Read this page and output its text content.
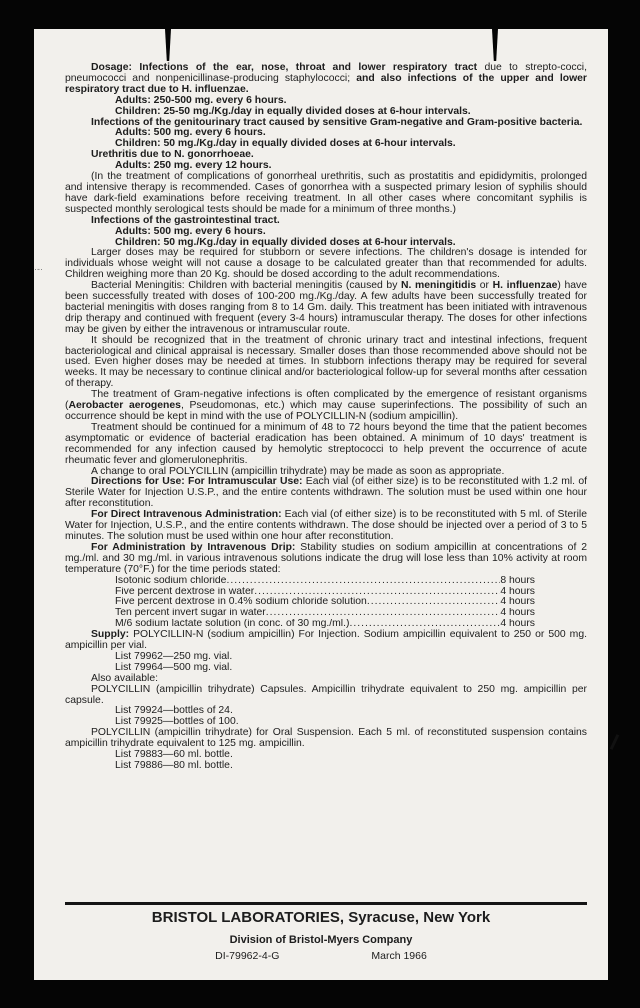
·-·

Dosage: Infections of the ear, nose, throat and lower respiratory tract due to strepto-cocci, pneumococci and nonpenicillinase-producing staphylococci; and also infections of the upper and lower respiratory tract due to H. influenzae.

Adults: 250-500 mg. every 6 hours.

Children: 25-50 mg./Kg./day in equally divided doses at 6-hour intervals.

Infections of the genitourinary tract caused by sensitive Gram-negative and Gram-positive bacteria.

Adults: 500 mg. every 6 hours.

Children: 50 mg./Kg./day in equally divided doses at 6-hour intervals.

Urethritis due to N. gonorrhoeae.

Adults: 250 mg. every 12 hours.

(In the treatment of complications of gonorrheal urethritis, such as prostatitis and epididymitis, prolonged and intensive therapy is recommended. Cases of gonorrhea with a suspected primary lesion of syphilis should have dark-field examinations before receiving treatment. In all other cases where concomitant syphilis is suspected monthly serological tests should be made for a minimum of three months.)

Infections of the gastrointestinal tract.

Adults: 500 mg. every 6 hours.

Children: 50 mg./Kg./day in equally divided doses at 6-hour intervals.

Larger doses may be required for stubborn or severe infections. The children's dosage is intended for individuals whose weight will not cause a dosage to be calculated greater than that recommended for adults. Children weighing more than 20 Kg. should be dosed according to the adult recommendations.

Bacterial Meningitis: Children with bacterial meningitis (caused by N. meningitidis or H. influenzae) have been successfully treated with doses of 100-200 mg./Kg./day. A few adults have been successfully treated for bacterial meningitis with doses ranging from 8 to 14 Gm. daily. This treatment has been initiated with intravenous drip therapy and continued with frequent (every 3-4 hours) intramuscular therapy. The doses for other infections may be given by either the intravenous or intramuscular route.

It should be recognized that in the treatment of chronic urinary tract and intestinal infections, frequent bacteriological and clinical appraisal is necessary. Smaller doses than those recommended above should not be used. Even higher doses may be needed at times. In stubborn infections therapy may be required for several weeks. It may be necessary to continue clinical and/or bacteriological follow-up for several months after cessation of therapy.

The treatment of Gram-negative infections is often complicated by the emergence of resistant organisms (Aerobacter aerogenes, Pseudomonas, etc.) which may cause superinfections. The possibility of such an occurrence should be kept in mind with the use of POLYCILLIN-N (sodium ampicillin).

Treatment should be continued for a minimum of 48 to 72 hours beyond the time that the patient becomes asymptomatic or evidence of bacterial eradication has been obtained. A minimum of 10 days' treatment is recommended for any infection caused by hemolytic streptococci to help prevent the occurrence of acute rheumatic fever and glomerulonephritis.

A change to oral POLYCILLIN (ampicillin trihydrate) may be made as soon as appropriate.

Directions for Use: For Intramuscular Use: Each vial (of either size) is to be reconstituted with 1.2 ml. of Sterile Water for Injection U.S.P., and the entire contents withdrawn. The solution must be used within one hour after reconstitution.

For Direct Intravenous Administration: Each vial (of either size) is to be reconstituted with 5 ml. of Sterile Water for Injection, U.S.P., and the entire contents withdrawn. The dose should be injected over a period of 3 to 5 minutes. The solution must be used within one hour after reconstitution.

For Administration by Intravenous Drip: Stability studies on sodium ampicillin at concentrations of 2 mg./ml. and 30 mg./ml. in various intravenous solutions indicate the drug will lose less than 10% activity at room temperature (70°F.) for the time periods stated:

Isotonic sodium chloride .....	8 hours
Five percent dextrose in water .....	4 hours
Five percent dextrose in 0.4% sodium chloride solution .....	4 hours
Ten percent invert sugar in water .....	4 hours
M/6 sodium lactate solution (in conc. of 30 mg./ml.) .....	4 hours

Supply: POLYCILLIN-N (sodium ampicillin) For Injection. Sodium ampicillin equivalent to 250 or 500 mg. ampicillin per vial.

List 79962—250 mg. vial.

List 79964—500 mg. vial.

Also available:

POLYCILLIN (ampicillin trihydrate) Capsules. Ampicillin trihydrate equivalent to 250 mg. ampicillin per capsule.

List 79924—bottles of 24.

List 79925—bottles of 100.

POLYCILLIN (ampicillin trihydrate) for Oral Suspension. Each 5 ml. of reconstituted suspension contains ampicillin trihydrate equivalent to 125 mg. ampicillin.

List 79883—60 ml. bottle.

List 79886—80 ml. bottle.

BRISTOL LABORATORIES, Syracuse, New York
Division of Bristol-Myers Company
DI-79962-4-G	March 1966
